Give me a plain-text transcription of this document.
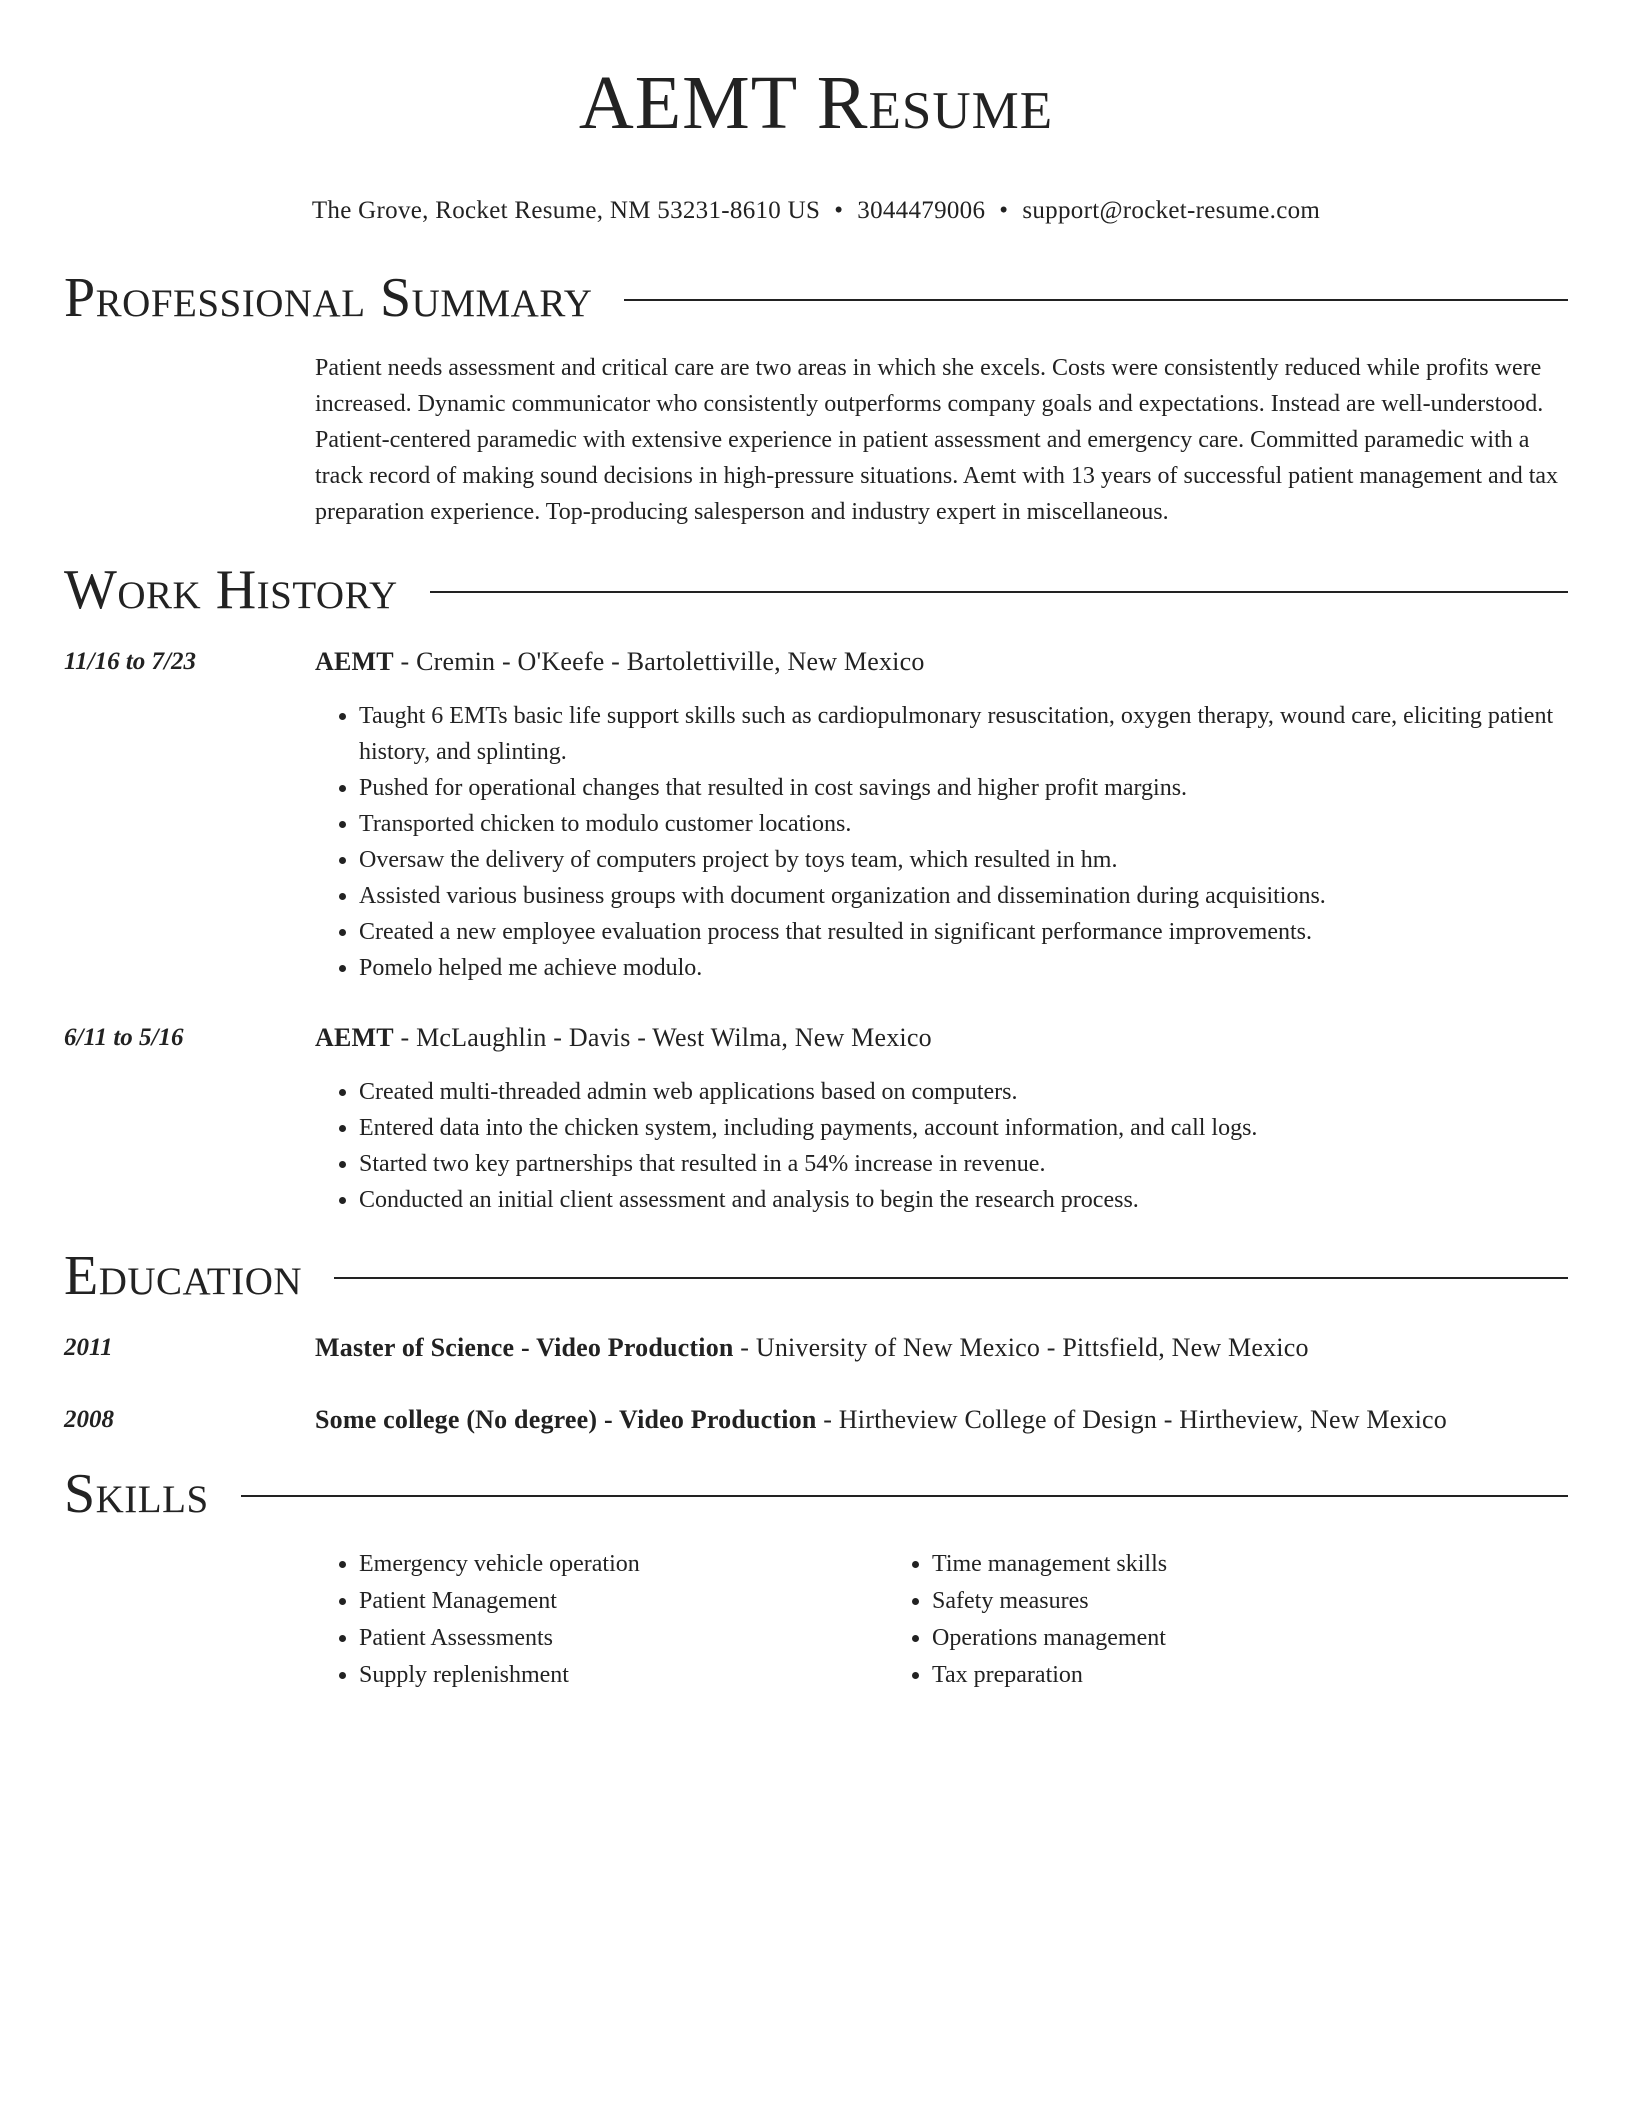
AEMT Resume
The Grove, Rocket Resume, NM 53231-8610 US • 3044479006 • support@rocket-resume.com
Professional Summary
Patient needs assessment and critical care are two areas in which she excels. Costs were consistently reduced while profits were increased. Dynamic communicator who consistently outperforms company goals and expectations. Instead are well-understood. Patient-centered paramedic with extensive experience in patient assessment and emergency care. Committed paramedic with a track record of making sound decisions in high-pressure situations. Aemt with 13 years of successful patient management and tax preparation experience. Top-producing salesperson and industry expert in miscellaneous.
Work History
11/16 to 7/23	AEMT - Cremin - O'Keefe - Bartolettiville, New Mexico
• Taught 6 EMTs basic life support skills such as cardiopulmonary resuscitation, oxygen therapy, wound care, eliciting patient history, and splinting.
• Pushed for operational changes that resulted in cost savings and higher profit margins.
• Transported chicken to modulo customer locations.
• Oversaw the delivery of computers project by toys team, which resulted in hm.
• Assisted various business groups with document organization and dissemination during acquisitions.
• Created a new employee evaluation process that resulted in significant performance improvements.
• Pomelo helped me achieve modulo.
6/11 to 5/16	AEMT - McLaughlin - Davis - West Wilma, New Mexico
• Created multi-threaded admin web applications based on computers.
• Entered data into the chicken system, including payments, account information, and call logs.
• Started two key partnerships that resulted in a 54% increase in revenue.
• Conducted an initial client assessment and analysis to begin the research process.
Education
2011	Master of Science - Video Production - University of New Mexico - Pittsfield, New Mexico
2008	Some college (No degree) - Video Production - Hirtheview College of Design - Hirtheview, New Mexico
Skills
• Emergency vehicle operation
• Patient Management
• Patient Assessments
• Supply replenishment
• Time management skills
• Safety measures
• Operations management
• Tax preparation
